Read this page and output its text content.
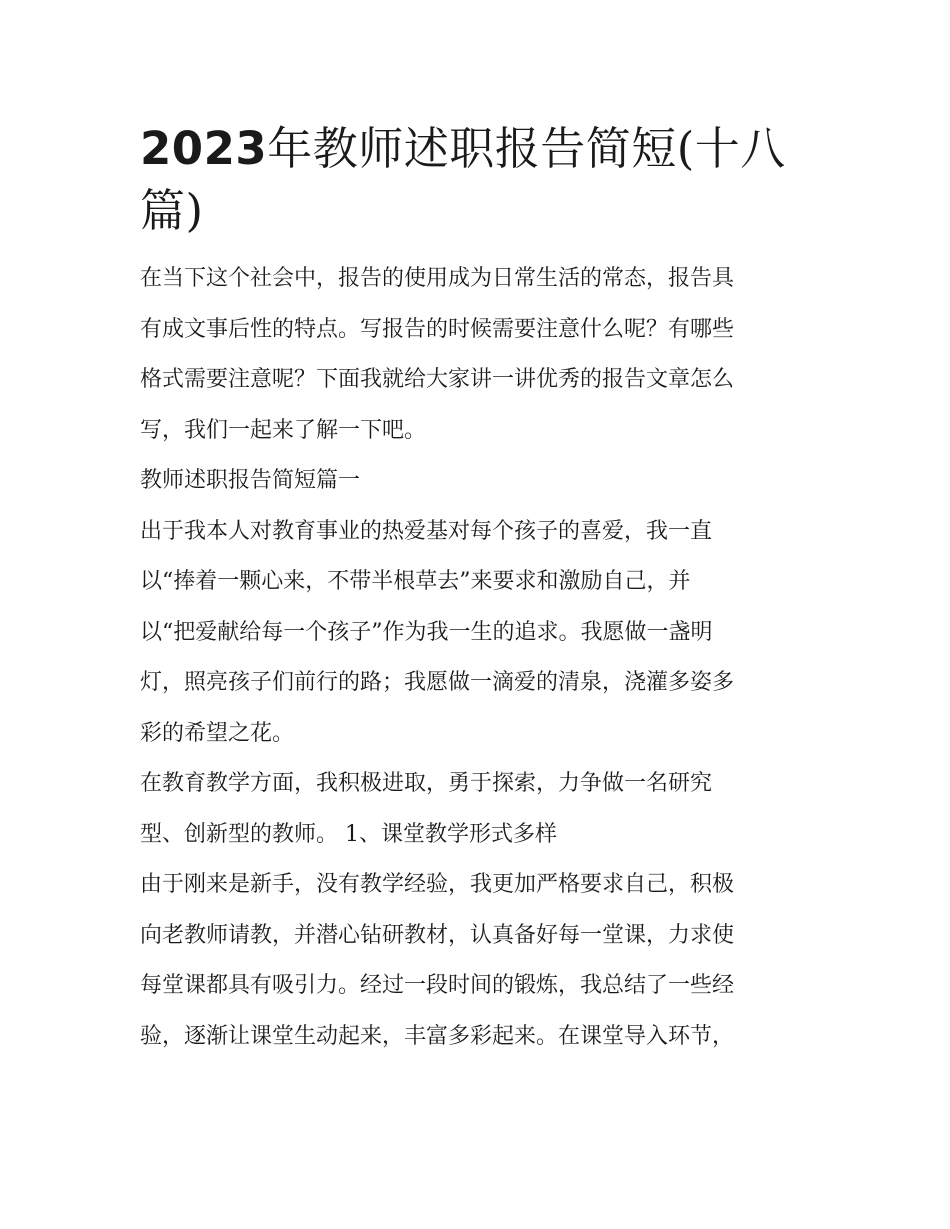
2023年教师述职报告简短(十八篇)
在当下这个社会中，报告的使用成为日常生活的常态，报告具
有成文事后性的特点。写报告的时候需要注意什么呢？有哪些
格式需要注意呢？下面我就给大家讲一讲优秀的报告文章怎么
写，我们一起来了解一下吧。
教师述职报告简短篇一
出于我本人对教育事业的热爱基对每个孩子的喜爱，我一直
以“捧着一颗心来，不带半根草去”来要求和激励自己，并
以“把爱献给每一个孩子”作为我一生的追求。我愿做一盏明
灯，照亮孩子们前行的路；我愿做一滴爱的清泉，浇灌多姿多
彩的希望之花。
在教育教学方面，我积极进取，勇于探索，力争做一名研究
型、创新型的教师。 1、课堂教学形式多样
由于刚来是新手，没有教学经验，我更加严格要求自己，积极
向老教师请教，并潜心钻研教材，认真备好每一堂课，力求使
每堂课都具有吸引力。经过一段时间的锻炼，我总结了一些经
验，逐渐让课堂生动起来，丰富多彩起来。在课堂导入环节，
